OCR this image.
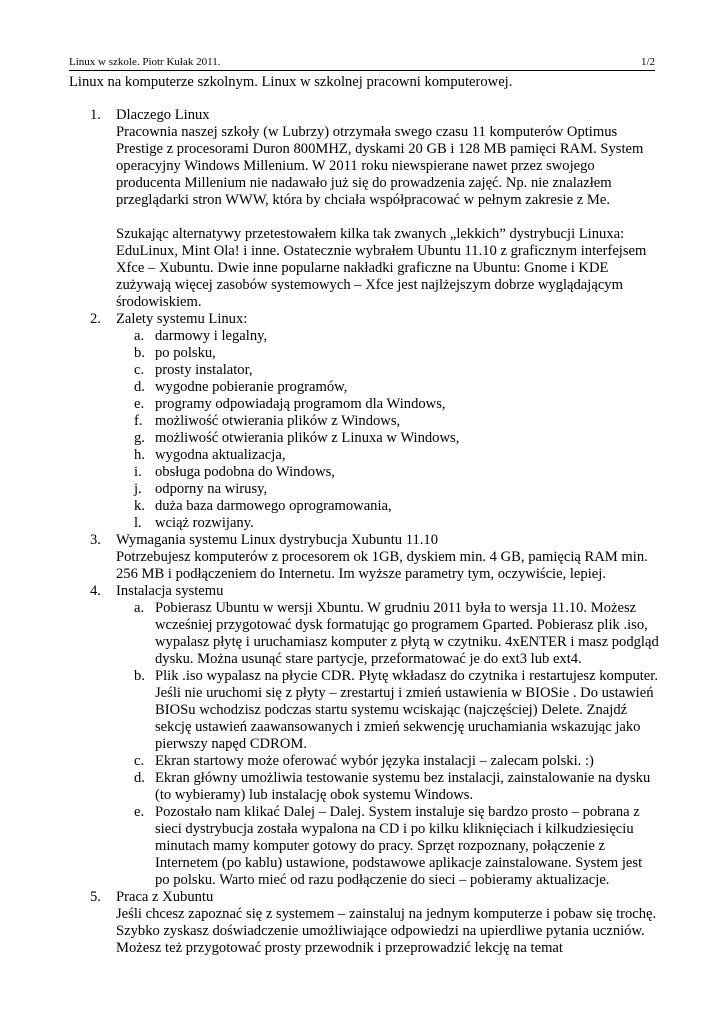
Linux w szkole. Piotr Kułak 2011.	1/2
Linux na komputerze szkolnym. Linux w szkolnej pracowni komputerowej.
1. Dlaczego Linux

Pracownia naszej szkoły (w Lubrzy) otrzymała swego czasu 11 komputerów Optimus Prestige z procesorami Duron 800MHZ, dyskami 20 GB i 128 MB pamięci RAM. System operacyjny Windows Millenium. W 2011 roku niewspierane nawet przez swojego producenta Millenium nie nadawało już się do prowadzenia zajęć. Np. nie znalazłem przeglądarki stron WWW, która by chciała współpracować w pełnym zakresie z Me.

Szukając alternatywy przetestowałem kilka tak zwanych „lekkich” dystrybucji Linuxa: EduLinux, Mint Ola! i inne. Ostatecznie wybrałem Ubuntu 11.10 z graficznym interfejsem Xfce – Xubuntu. Dwie inne popularne nakładki graficzne na Ubuntu: Gnome i KDE zużywają więcej zasobów systemowych – Xfce jest najlżejszym dobrze wyglądającym środowiskiem.

2. Zalety systemu Linux:

a. darmowy i legalny,
b. po polsku,
c. prosty instalator,
d. wygodne pobieranie programów,
e. programy odpowiadają programom dla Windows,
f. możliwość otwierania plików z Windows,
g. możliwość otwierania plików z Linuxa w Windows,
h. wygodna aktualizacja,
i. obsługa podobna do Windows,
j. odporny na wirusy,
k. duża baza darmowego oprogramowania,
l. wciąż rozwijany.
3. Wymagania systemu Linux dystrybucja Xubuntu 11.10

Potrzebujesz komputerów z procesorem ok 1GB, dyskiem min. 4 GB, pamięcią RAM min. 256 MB i podłączeniem do Internetu. Im wyższe parametry tym, oczywiście, lepiej.

4. Instalacja systemu

a. Pobierasz Ubuntu w wersji Xbuntu. W grudniu 2011 była to wersja 11.10. Możesz wcześniej przygotować dysk formatując go programem Gparted. Pobierasz plik .iso, wypalasz płytę i uruchamiasz komputer z płytą w czytniku. 4xENTER i masz podgląd dysku. Można usunąć stare partycje, przeformatować je do ext3 lub ext4.
b. Plik .iso wypalasz na płycie CDR. Płytę wkładasz do czytnika i restartujesz komputer. Jeśli nie uruchomi się z płyty – zrestartuj i zmień ustawienia w BIOSie . Do ustawień BIOSu wchodzisz podczas startu systemu wciskając (najczęściej) Delete. Znajdź sekcję ustawień zaawansowanych i zmień sekwencję uruchamiania wskazując jako pierwszy napęd CDROM.
c. Ekran startowy może oferować wybór języka instalacji – zalecam polski. :)
d. Ekran główny umożliwia testowanie systemu bez instalacji, zainstalowanie na dysku (to wybieramy) lub instalację obok systemu Windows.
e. Pozostało nam klikać Dalej – Dalej. System instaluje się bardzo prosto – pobrana z sieci dystrybucja została wypalona na CD i po kilku kliknięciach i kilkudziesięciu minutach mamy komputer gotowy do pracy. Sprzęt rozpoznany, połączenie z Internetem (po kablu) ustawione, podstawowe aplikacje zainstalowane. System jest po polsku. Warto mieć od razu podłączenie do sieci – pobieramy aktualizacje.
5. Praca z Xubuntu

Jeśli chcesz zapoznać się z systemem – zainstaluj na jednym komputerze i pobaw się trochę. Szybko zyskasz doświadczenie umożliwiające odpowiedzi na upierdliwe pytania uczniów. Możesz też przygotować prosty przewodnik i przeprowadzić lekcję na temat
